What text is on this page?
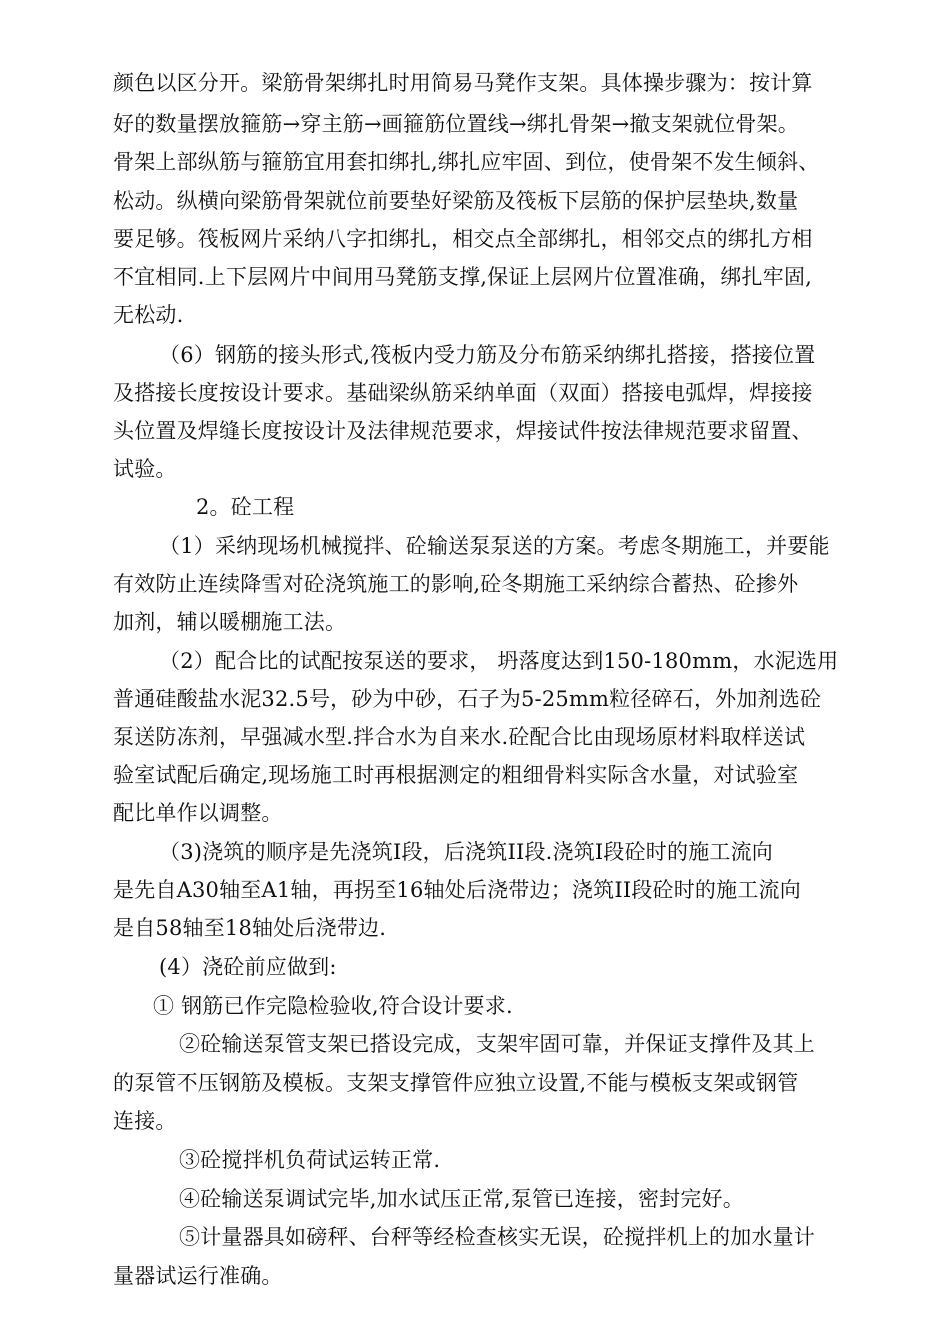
颜色以区分开。梁筋骨架绑扎时用简易马凳作支架。具体操步骤为：按计算
好的数量摆放箍筋→穿主筋→画箍筋位置线→绑扎骨架→撤支架就位骨架。
骨架上部纵筋与箍筋宜用套扣绑扎,绑扎应牢固、到位，使骨架不发生倾斜、
松动。纵横向梁筋骨架就位前要垫好梁筋及筏板下层筋的保护层垫块,数量
要足够。筏板网片采纳八字扣绑扎，相交点全部绑扎，相邻交点的绑扎方相
不宜相同.上下层网片中间用马凳筋支撑,保证上层网片位置准确，绑扎牢固,
无松动.
（6）钢筋的接头形式,筏板内受力筋及分布筋采纳绑扎搭接，搭接位置
及搭接长度按设计要求。基础梁纵筋采纳单面（双面）搭接电弧焊，焊接接
头位置及焊缝长度按设计及法律规范要求，焊接试件按法律规范要求留置、
试验。
2。砼工程
（1）采纳现场机械搅拌、砼输送泵泵送的方案。考虑冬期施工，并要能
有效防止连续降雪对砼浇筑施工的影响,砼冬期施工采纳综合蓄热、砼掺外
加剂，辅以暖棚施工法。
（2）配合比的试配按泵送的要求， 坍落度达到150-180mm，水泥选用
普通硅酸盐水泥32.5号，砂为中砂，石子为5-25mm粒径碎石，外加剂选砼
泵送防冻剂，早强减水型.拌合水为自来水.砼配合比由现场原材料取样送试
验室试配后确定,现场施工时再根据测定的粗细骨料实际含水量，对试验室
配比单作以调整。
（3)浇筑的顺序是先浇筑I段，后浇筑II段.浇筑I段砼时的施工流向
是先自A30轴至A1轴，再拐至16轴处后浇带边；浇筑II段砼时的施工流向
是自58轴至18轴处后浇带边.
(4）浇砼前应做到:
① 钢筋已作完隐检验收,符合设计要求.
②砼输送泵管支架已搭设完成，支架牢固可靠，并保证支撑件及其上
的泵管不压钢筋及模板。支架支撑管件应独立设置,不能与模板支架或钢管
连接。
③砼搅拌机负荷试运转正常.
④砼输送泵调试完毕,加水试压正常,泵管已连接，密封完好。
⑤计量器具如磅秤、台秤等经检查核实无误，砼搅拌机上的加水量计
量器试运行准确。
